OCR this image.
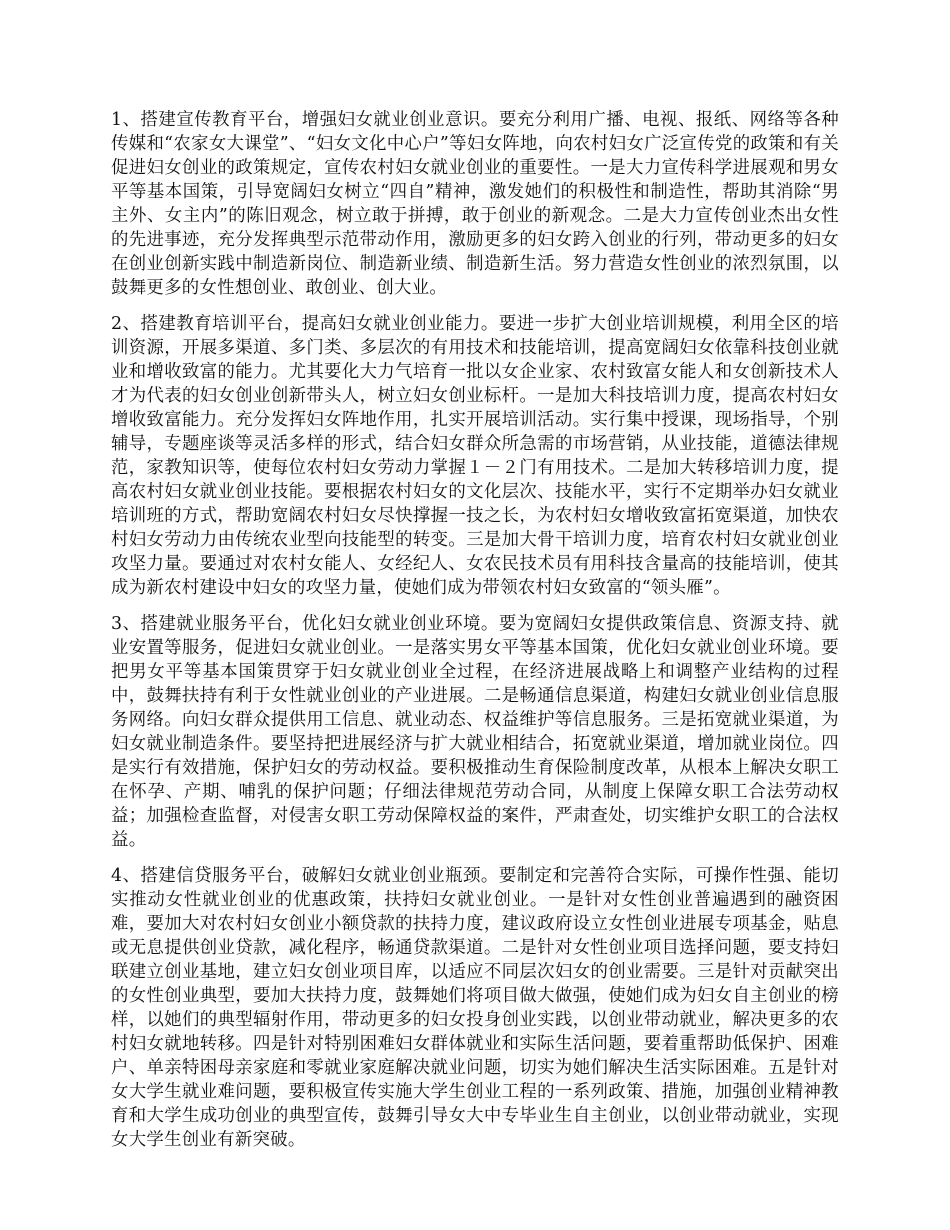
1、搭建宣传教育平台，增强妇女就业创业意识。要充分利用广播、电视、报纸、网络等各种传媒和“农家女大课堂”、“妇女文化中心户”等妇女阵地，向农村妇女广泛宣传党的政策和有关促进妇女创业的政策规定，宣传农村妇女就业创业的重要性。一是大力宣传科学进展观和男女平等基本国策，引导宽阔妇女树立“四自”精神，激发她们的积极性和制造性，帮助其消除“男主外、女主内”的陈旧观念，树立敢于拼搏，敢于创业的新观念。二是大力宣传创业杰出女性的先进事迹，充分发挥典型示范带动作用，激励更多的妇女跨入创业的行列，带动更多的妇女在创业创新实践中制造新岗位、制造新业绩、制造新生活。努力营造女性创业的浓烈氛围，以鼓舞更多的女性想创业、敢创业、创大业。

2、搭建教育培训平台，提高妇女就业创业能力。要进一步扩大创业培训规模，利用全区的培训资源，开展多渠道、多门类、多层次的有用技术和技能培训，提高宽阔妇女依靠科技创业就业和增收致富的能力。尤其要化大力气培育一批以女企业家、农村致富女能人和女创新技术人才为代表的妇女创业创新带头人，树立妇女创业标杆。一是加大科技培训力度，提高农村妇女增收致富能力。充分发挥妇女阵地作用，扎实开展培训活动。实行集中授课，现场指导，个别辅导，专题座谈等灵活多样的形式，结合妇女群众所急需的市场营销，从业技能，道德法律规范，家教知识等，使每位农村妇女劳动力掌握１－２门有用技术。二是加大转移培训力度，提高农村妇女就业创业技能。要根据农村妇女的文化层次、技能水平，实行不定期举办妇女就业培训班的方式，帮助宽阔农村妇女尽快撑握一技之长，为农村妇女增收致富拓宽渠道，加快农村妇女劳动力由传统农业型向技能型的转变。三是加大骨干培训力度，培育农村妇女就业创业攻坚力量。要通过对农村女能人、女经纪人、女农民技术员有用科技含量高的技能培训，使其成为新农村建设中妇女的攻坚力量，使她们成为带领农村妇女致富的“领头雁”。

3、搭建就业服务平台，优化妇女就业创业环境。要为宽阔妇女提供政策信息、资源支持、就业安置等服务，促进妇女就业创业。一是落实男女平等基本国策，优化妇女就业创业环境。要把男女平等基本国策贯穿于妇女就业创业全过程，在经济进展战略上和调整产业结构的过程中，鼓舞扶持有利于女性就业创业的产业进展。二是畅通信息渠道，构建妇女就业创业信息服务网络。向妇女群众提供用工信息、就业动态、权益维护等信息服务。三是拓宽就业渠道，为妇女就业制造条件。要坚持把进展经济与扩大就业相结合，拓宽就业渠道，增加就业岗位。四是实行有效措施，保护妇女的劳动权益。要积极推动生育保险制度改革，从根本上解决女职工在怀孕、产期、哺乳的保护问题；仔细法律规范劳动合同，从制度上保障女职工合法劳动权益；加强检查监督，对侵害女职工劳动保障权益的案件，严肃查处，切实维护女职工的合法权益。

4、搭建信贷服务平台，破解妇女就业创业瓶颈。要制定和完善符合实际，可操作性强、能切实推动女性就业创业的优惠政策，扶持妇女就业创业。一是针对女性创业普遍遇到的融资困难，要加大对农村妇女创业小额贷款的扶持力度，建议政府设立女性创业进展专项基金，贴息或无息提供创业贷款，减化程序，畅通贷款渠道。二是针对女性创业项目选择问题，要支持妇联建立创业基地，建立妇女创业项目库，以适应不同层次妇女的创业需要。三是针对贡献突出的女性创业典型，要加大扶持力度，鼓舞她们将项目做大做强，使她们成为妇女自主创业的榜样，以她们的典型辐射作用，带动更多的妇女投身创业实践，以创业带动就业，解决更多的农村妇女就地转移。四是针对特别困难妇女群体就业和实际生活问题，要着重帮助低保护、困难户、单亲特困母亲家庭和零就业家庭解决就业问题，切实为她们解决生活实际困难。五是针对女大学生就业难问题，要积极宣传实施大学生创业工程的一系列政策、措施，加强创业精神教育和大学生成功创业的典型宣传，鼓舞引导女大中专毕业生自主创业，以创业带动就业，实现女大学生创业有新突破。
